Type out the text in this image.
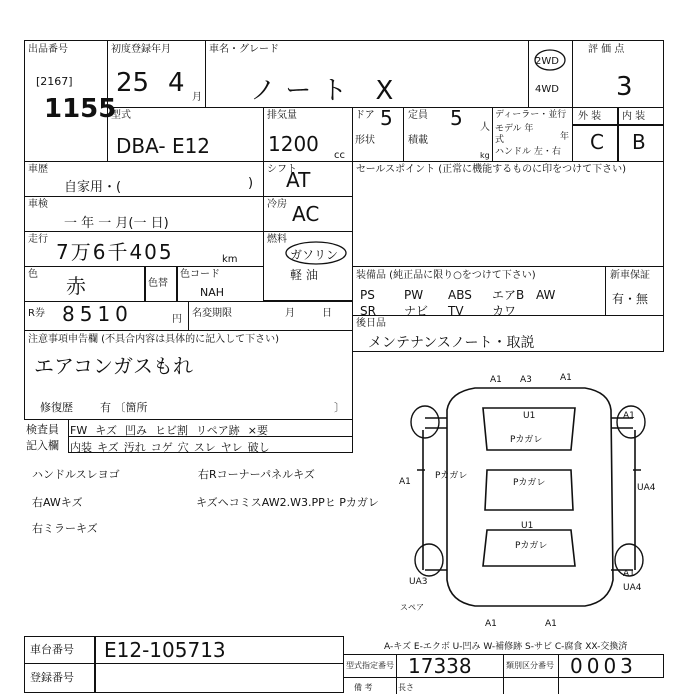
出品番号
[2167]
1155
初度登録年月
25 4 月
車名・グレード
ノート X
2WD
4WD
評 価 点
3
型式
DBA- E12
排気量
1200 cc
ドア 5
形状
定員 5 人
積載
kg
ディーラー・並行
モデル 年式	年
ハンドル 左・右
外 装 内 装
C B
車歴
自家用・(	)
シフト
AT
車検
一 年 一 月(一 日)
冷房 AC
走行
7万6千405	km
燃料
ガソリン
軽 油
色 赤	色替
色コード
NAH
R券 8510	円
名変期限	月	日
注意事項申告欄 (不具合内容は具体的に記入して下さい)
エアコンガスもれ
修復歴 有 〔箇所	〕
検査員
記入欄
FW キズ 凹み ヒビ割 リペア跡 ×要
内装 キズ 汚れ コゲ 穴 スレ ヤレ 破し
ハンドルスレヨゴ
右AWキズ
右ミラーキズ
右Rコーナーパネルキズ
キズヘコミスAW2.W3.PPヒ Pカガレ
セールスポイント (正常に機能するものに印をつけて下さい)
装備品 (純正品に限り○をつけて下さい)
PS PW ABS エアB AW
SR ナビ TV カワ
新車保証
有・無
後日品
メンテナンスノート・取説
A1 A3	A1
U1
Pカガレ
A1
A1
Pカガレ
Pカガレ
U1
Pカガレ
UA4
UA3
UA4
A1	A1
A1
スペア
A-キズ E-エクボ U-凹み W-補修跡 S-サビ C-腐食 XX-交換済
車台番号 E12-105713
登録番号
型式指定番号 17338	類別区分番号 0003
備 考	長さ
